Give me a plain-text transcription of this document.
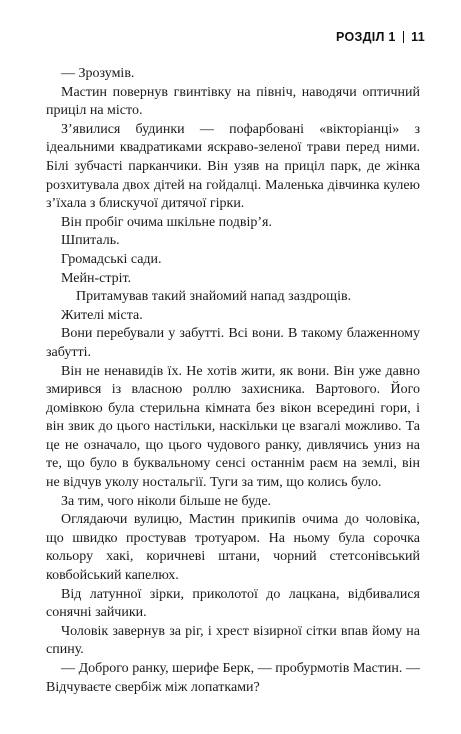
РОЗДІЛ 1 11

— Зрозумів.

Мастин повернув гвинтівку на північ, наводячи оптичний приціл на місто.

З’явилися будинки — пофарбовані «вікторіанці» з ідеальними квадратиками яскраво-зеленої трави перед ними. Білі зубчасті парканчики. Він узяв на приціл парк, де жінка розхитувала двох дітей на гойдалці. Маленька дівчинка кулею з’їхала з блискучої дитячої гірки.

Він пробіг очима шкільне подвір’я.

Шпиталь.

Громадські сади.

Мейн-стріт.

Притамував такий знайомий напад заздрощів.

Жителі міста.

Вони перебували у забутті. Всі вони. В такому блаженному забутті.

Він не ненавидів їх. Не хотів жити, як вони. Він уже давно змирився із власною роллю захисника. Вартового. Його домівкою була стерильна кімната без вікон всередині гори, і він звик до цього настільки, наскільки це взагалі можливо. Та це не означало, що цього чудового ранку, дивлячись униз на те, що було в буквальному сенсі останнім раєм на землі, він не відчув уколу ностальгії. Туги за тим, що колись було.

За тим, чого ніколи більше не буде.

Оглядаючи вулицю, Мастин прикипів очима до чоловіка, що швидко простував тротуаром. На ньому була сорочка кольору хакі, коричневі штани, чорний стетсонівський ковбойський капелюх.

Від латунної зірки, приколотої до лацкана, відбивалися сонячні зайчики.

Чоловік завернув за ріг, і хрест візирної сітки впав йому на спину.

— Доброго ранку, шерифе Берк, — пробурмотів Мастин. — Відчуваєте свербіж між лопатками?
